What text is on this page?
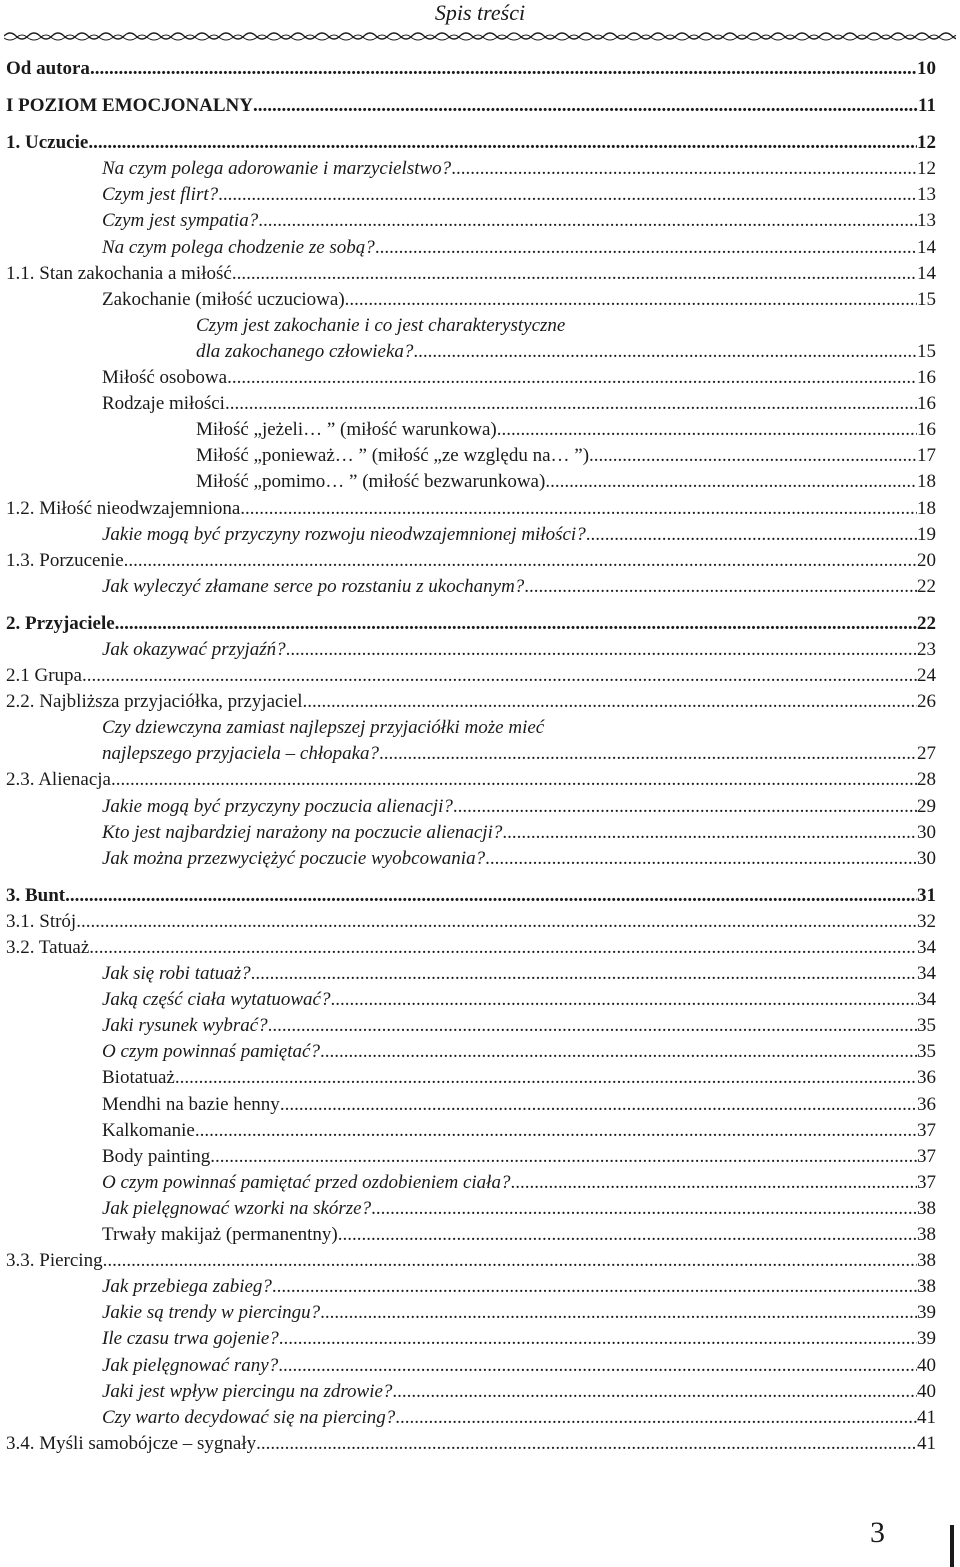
Spis treści
Od autora .....	10
I POZIOM EMOCJONALNY .....	11
1. Uczucie .....	12
Na czym polega adorowanie i marzycielstwo? .....	12
Czym jest flirt? .....	13
Czym jest sympatia? .....	13
Na czym polega chodzenie ze sobą? .....	14
1.1. Stan zakochania a miłość .....	14
Zakochanie (miłość uczuciowa) .....	15
Czym jest zakochanie i co jest charakterystyczne
dla zakochanego człowieka? .....	15
Miłość osobowa .....	16
Rodzaje miłości .....	16
Miłość „jeżeli… ” (miłość warunkowa) .....	16
Miłość „ponieważ… ” (miłość „ze względu na… ”) .....	17
Miłość „pomimo… ” (miłość bezwarunkowa) .....	18
1.2. Miłość nieodwzajemniona .....	18
Jakie mogą być przyczyny rozwoju nieodwzajemnionej miłości? .....	19
1.3. Porzucenie .....	20
Jak wyleczyć złamane serce po rozstaniu z ukochanym? .....	22
2. Przyjaciele .....	22
Jak okazywać przyjaźń? .....	23
2.1 Grupa .....	24
2.2. Najbliższa przyjaciółka, przyjaciel .....	26
Czy dziewczyna zamiast najlepszej przyjaciółki może mieć
najlepszego przyjaciela – chłopaka? .....	27
2.3. Alienacja .....	28
Jakie mogą być przyczyny poczucia alienacji? .....	29
Kto jest najbardziej narażony na poczucie alienacji? .....	30
Jak można przezwyciężyć poczucie wyobcowania? .....	30
3. Bunt .....	31
3.1. Strój .....	32
3.2. Tatuaż .....	34
Jak się robi tatuaż? .....	34
Jaką część ciała wytatuować? .....	34
Jaki rysunek wybrać? .....	35
O czym powinnaś pamiętać? .....	35
Biotatuaż .....	36
Mendhi na bazie henny .....	36
Kalkomanie .....	37
Body painting .....	37
O czym powinnaś pamiętać przed ozdobieniem ciała? .....	37
Jak pielęgnować wzorki na skórze? .....	38
Trwały makijaż (permanentny) .....	38
3.3. Piercing .....	38
Jak przebiega zabieg? .....	38
Jakie są trendy w piercingu? .....	39
Ile czasu trwa gojenie? .....	39
Jak pielęgnować rany? .....	40
Jaki jest wpływ piercingu na zdrowie? .....	40
Czy warto decydować się na piercing? .....	41
3.4. Myśli samobójcze – sygnały .....	41
3
